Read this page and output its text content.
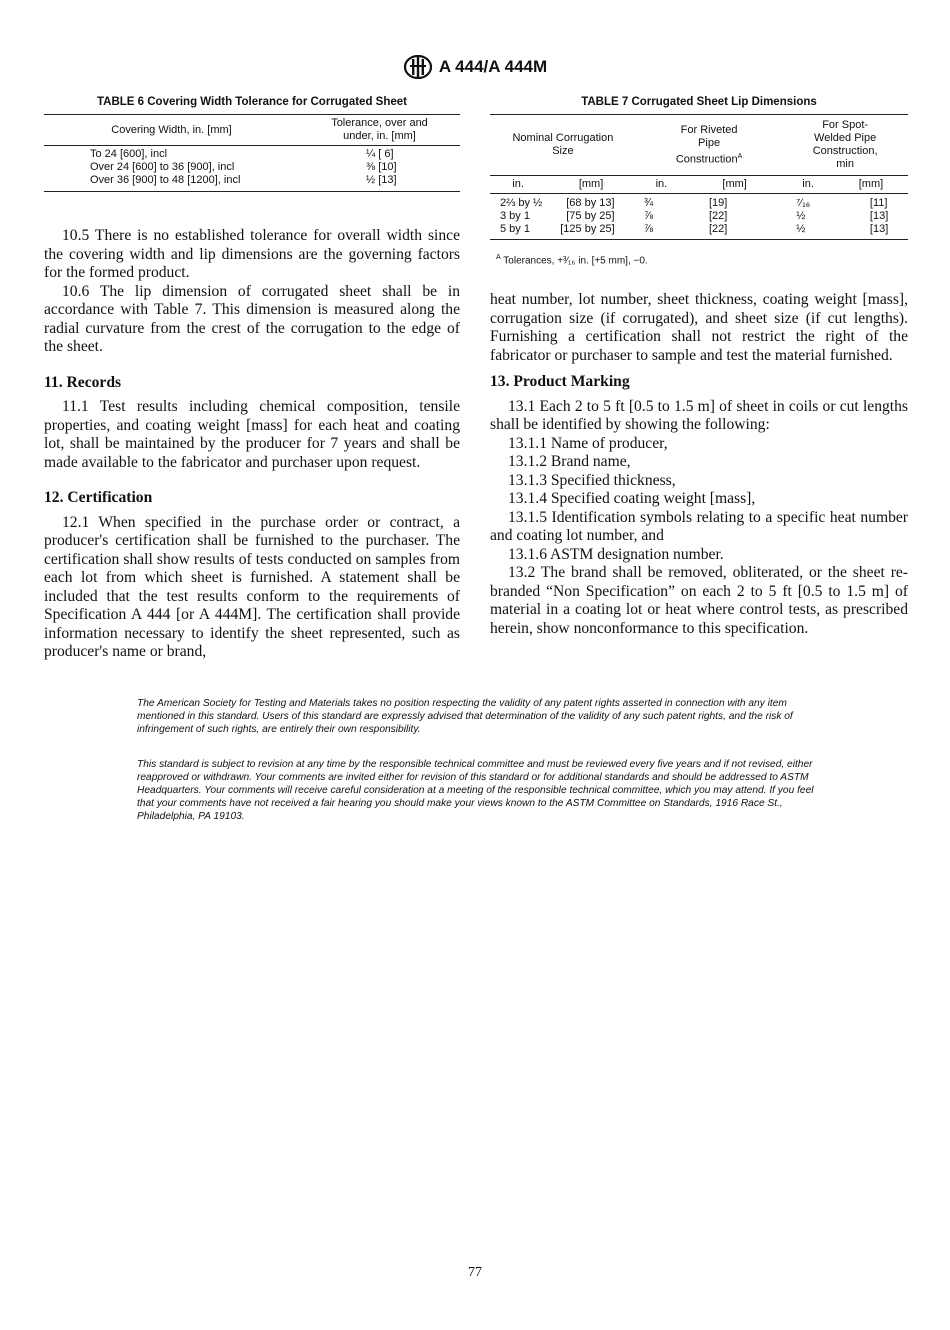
A 444/A 444M
TABLE 6 Covering Width Tolerance for Corrugated Sheet
Covering Width, in. [mm]	Tolerance, over and under, in. [mm]
To 24 [600], incl	¼ [ 6]
Over 24 [600] to 36 [900], incl	⅜ [10]
Over 36 [900] to 48 [1200], incl	½ [13]
TABLE 7 Corrugated Sheet Lip Dimensions
Nominal Corrugation Size		For Riveted Pipe Construction$^A$		For Spot-Welded Pipe Construction, min	
in.	[mm]	in.	[mm]	in.	[mm]
2⅔ by ½	[68 by 13]	¾	[19]	⁷⁄₁₆	[11]
3 by 1	[75 by 25]	⅞	[22]	½	[13]
5 by 1	[125 by 25]	⅞	[22]	½	[13]
$^A$ Tolerances, +³⁄₁₆ in. [+5 mm], −0.

10.5 There is no established tolerance for overall width since the covering width and lip dimensions are the governing factors for the formed product.

10.6 The lip dimension of corrugated sheet shall be in accordance with Table 7. This dimension is measured along the radial curvature from the crest of the corrugation to the edge of the sheet.

11. Records

11.1 Test results including chemical composition, tensile properties, and coating weight [mass] for each heat and coating lot, shall be maintained by the producer for 7 years and shall be made available to the fabricator and purchaser upon request.

12. Certification

12.1 When specified in the purchase order or contract, a producer's certification shall be furnished to the purchaser. The certification shall show results of tests conducted on samples from each lot from which sheet is furnished. A statement shall be included that the test results conform to the requirements of Specification A 444 [or A 444M]. The certification shall provide information necessary to identify the sheet represented, such as producer's name or brand,

heat number, lot number, sheet thickness, coating weight [mass], corrugation size (if corrugated), and sheet size (if cut lengths). Furnishing a certification shall not restrict the right of the fabricator or purchaser to sample and test the material furnished.

13. Product Marking

13.1 Each 2 to 5 ft [0.5 to 1.5 m] of sheet in coils or cut lengths shall be identified by showing the following:

13.1.1 Name of producer,

13.1.2 Brand name,

13.1.3 Specified thickness,

13.1.4 Specified coating weight [mass],

13.1.5 Identification symbols relating to a specific heat number and coating lot number, and

13.1.6 ASTM designation number.

13.2 The brand shall be removed, obliterated, or the sheet re-branded “Non Specification” on each 2 to 5 ft [0.5 to 1.5 m] of material in a coating lot or heat where control tests, as prescribed herein, show nonconformance to this specification.

The American Society for Testing and Materials takes no position respecting the validity of any patent rights asserted in connection with any item mentioned in this standard. Users of this standard are expressly advised that determination of the validity of any such patent rights, and the risk of infringement of such rights, are entirely their own responsibility.
This standard is subject to revision at any time by the responsible technical committee and must be reviewed every five years and if not revised, either reapproved or withdrawn. Your comments are invited either for revision of this standard or for additional standards and should be addressed to ASTM Headquarters. Your comments will receive careful consideration at a meeting of the responsible technical committee, which you may attend. If you feel that your comments have not received a fair hearing you should make your views known to the ASTM Committee on Standards, 1916 Race St., Philadelphia, PA 19103.
77
